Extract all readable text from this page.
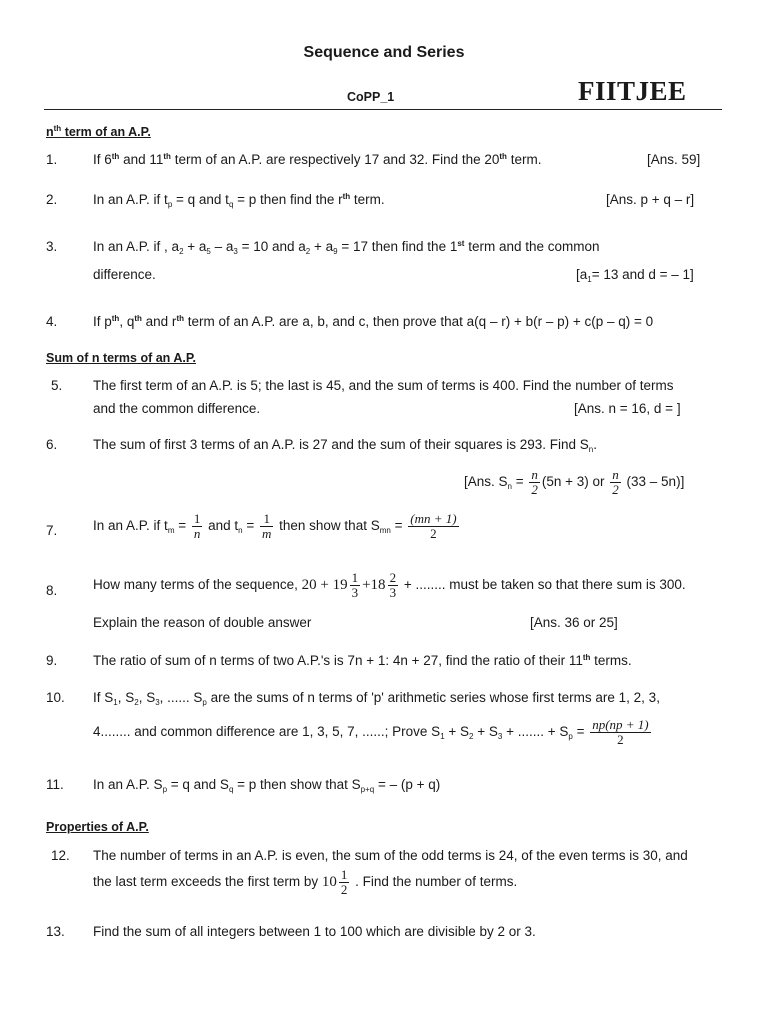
Sequence and Series
CoPP_1	FIITJEE
$n^{th}$ term of an A.P.
1.	If 6th and 11th term of an A.P. are respectively 17 and 32. Find the 20th term.	[Ans. 59]
2.	In an A.P. if $t_p = q$ and $t_q = p$ then find the $r^{th}$ term.	[Ans. p + q – r]
3.	In an A.P. if , $a_2 + a_5 - a_3 = 10$ and $a_2 + a_9 = 17$ then find the 1st term and the common
difference.	[$a_1= 13$ and d = – 1]
4.	If $p^{th}$, $q^{th}$ and $r^{th}$ term of an A.P. are a, b, and c, then prove that a(q – r) + b(r – p) + c(p – q) = 0
Sum of n terms of an A.P.
5. The first term of an A.P. is 5; the last is 45, and the sum of terms is 400. Find the number of terms
and the common difference.	[Ans. n = 16, d = ]
6.	The sum of first 3 terms of an A.P. is 27 and the sum of their squares is 293. Find $S_n$.
[Ans. $S_n = \frac{n}{2} (5n + 3)$ or $\frac{n}{2} (33 - 5n)$]
7.	In an A.P. if $t_m = \frac{1}{n}$ and $t_n = \frac{1}{m}$ then show that $S_{mn} = \frac{(mn + 1)}{2}$
8.	How many terms of the sequence, $20 + 19 \frac{1}{3} +18 \frac{2}{3}$ + ........ must be taken so that there sum is 300.
Explain the reason of double answer	[Ans. 36 or 25]
9.	The ratio of sum of n terms of two A.P.'s is 7n + 1: 4n + 27, find the ratio of their 11th terms.
10. If $S_1$, $S_2$, $S_3$, ...... $S_p$ are the sums of n terms of 'p' arithmetic series whose first terms are 1, 2, 3,
4........ and common difference are 1, 3, 5, 7, ......; Prove $S_1 + S_2 + S_3$ + ....... + $S_p = \frac{np(np + 1)}{2}$
11. In an A.P. $S_p = q$ and $S_q = p$ then show that $S_{p+q}$ = – (p + q)
Properties of A.P.
12. The number of terms in an A.P. is even, the sum of the odd terms is 24, of the even terms is 30, and
the last term exceeds the first term by $10 \frac{1}{2}$ . Find the number of terms.
13. Find the sum of all integers between 1 to 100 which are divisible by 2 or 3.
